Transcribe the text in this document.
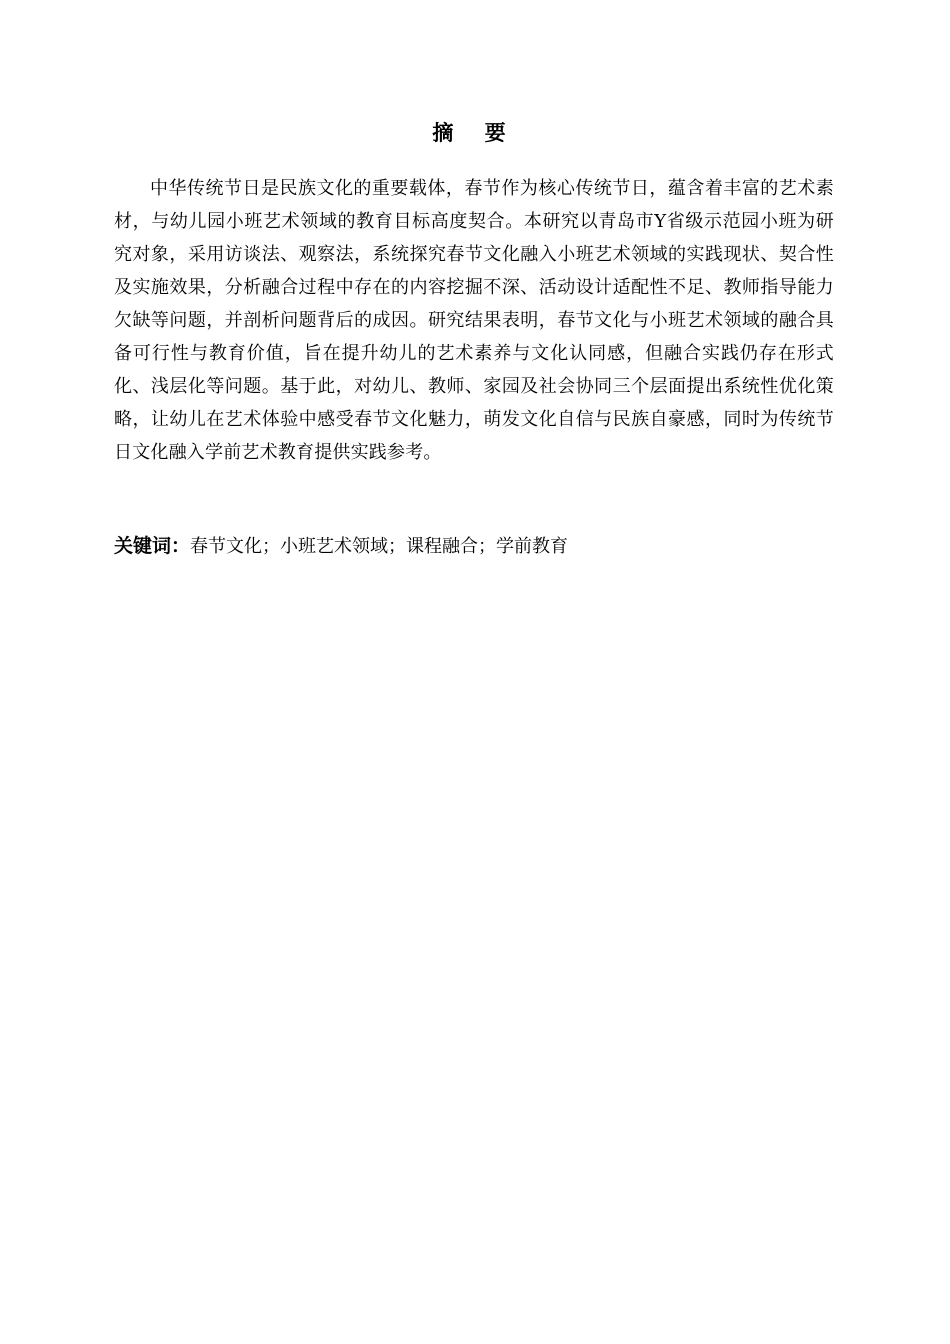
摘 要

中华传统节日是民族文化的重要载体，春节作为核心传统节日，蕴含着丰富的艺术素材，与幼儿园小班艺术领域的教育目标高度契合。本研究以青岛市Y省级示范园小班为研究对象，采用访谈法、观察法，系统探究春节文化融入小班艺术领域的实践现状、契合性及实施效果，分析融合过程中存在的内容挖掘不深、活动设计适配性不足、教师指导能力欠缺等问题，并剖析问题背后的成因。研究结果表明，春节文化与小班艺术领域的融合具备可行性与教育价值，旨在提升幼儿的艺术素养与文化认同感，但融合实践仍存在形式化、浅层化等问题。基于此，对幼儿、教师、家园及社会协同三个层面提出系统性优化策略，让幼儿在艺术体验中感受春节文化魅力，萌发文化自信与民族自豪感，同时为传统节日文化融入学前艺术教育提供实践参考。

关键词：春节文化；小班艺术领域；课程融合；学前教育
